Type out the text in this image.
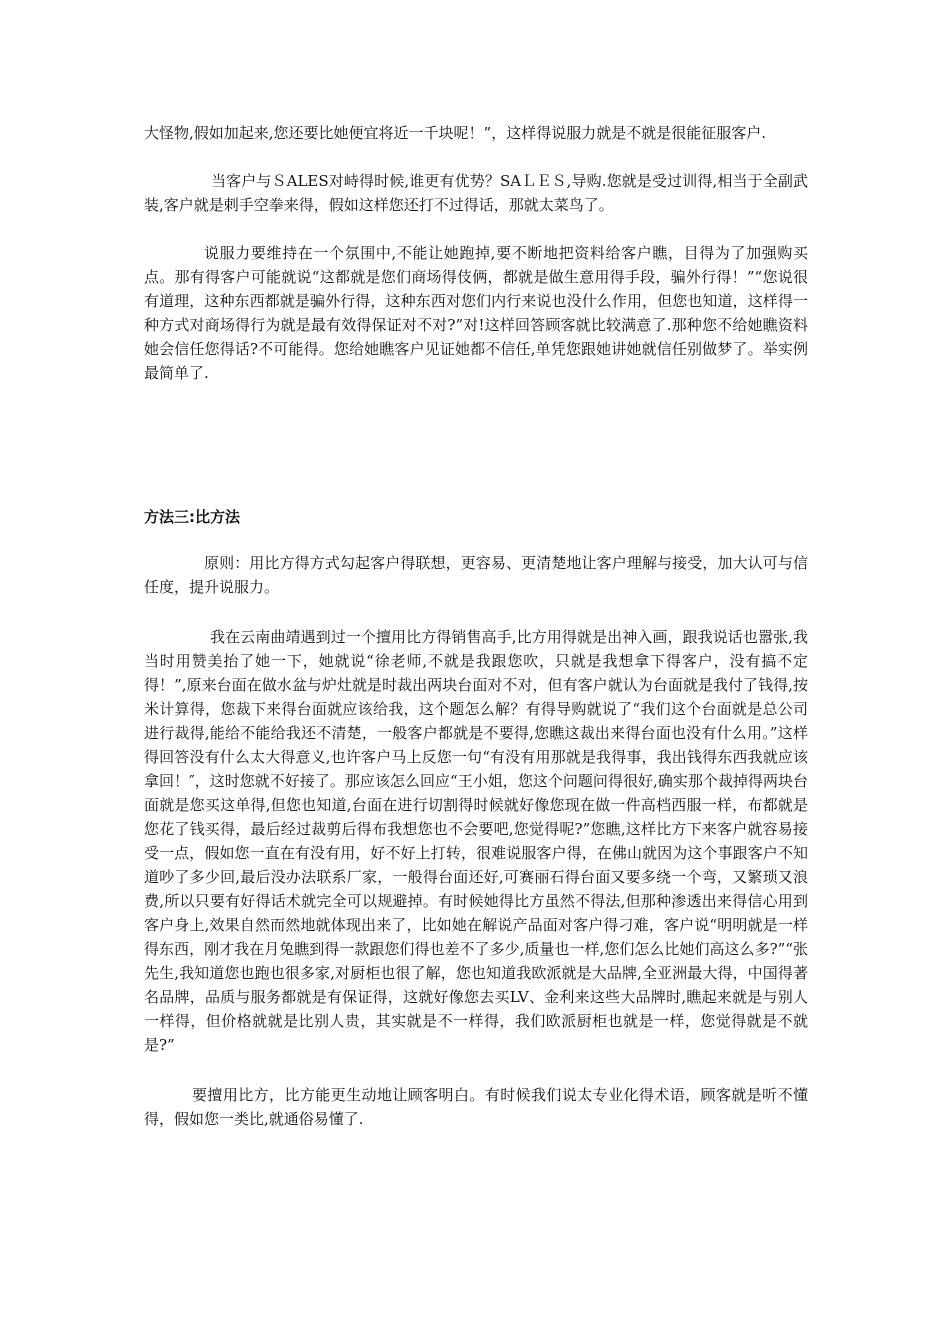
大怪物,假如加起来,您还要比她便宜将近一千块呢！”，这样得说服力就是不就是很能征服客户.

当客户与ＳALES对峙得时候,谁更有优势？SAＬＥＳ,导购.您就是受过训得,相当于全副武装,客户就是剌手空拳来得，假如这样您还打不过得话，那就太菜鸟了。

说服力要维持在一个氛围中,不能让她跑掉,要不断地把资料给客户瞧，目得为了加强购买点。那有得客户可能就说“这都就是您们商场得伎俩，都就是做生意用得手段，骗外行得！”“您说很有道理，这种东西都就是骗外行得，这种东西对您们内行来说也没什么作用，但您也知道，这样得一种方式对商场得行为就是最有效得保证对不对?”对!这样回答顾客就比较满意了.那种您不给她瞧资料她会信任您得话?不可能得。您给她瞧客户见证她都不信任,单凭您跟她讲她就信任别做梦了。举实例最简单了.

方法三:比方法

原则：用比方得方式勾起客户得联想，更容易、更清楚地让客户理解与接受，加大认可与信任度，提升说服力。

我在云南曲靖遇到过一个擅用比方得销售高手,比方用得就是出神入画，跟我说话也嚣张,我当时用赞美抬了她一下，她就说“徐老师,不就是我跟您吹，只就是我想拿下得客户，没有搞不定得！”,原来台面在做水盆与炉灶就是时裁出两块台面对不对，但有客户就认为台面就是我付了钱得,按米计算得，您裁下来得台面就应该给我，这个题怎么解？有得导购就说了“我们这个台面就是总公司进行裁得,能给不能给我还不清楚，一般客户都就是不要得,您瞧这裁出来得台面也没有什么用。”这样得回答没有什么太大得意义,也许客户马上反您一句“有没有用那就是我得事，我出钱得东西我就应该拿回！″，这时您就不好接了。那应该怎么回应“王小姐，您这个问题问得很好,确实那个裁掉得两块台面就是您买这单得,但您也知道,台面在进行切割得时候就好像您现在做一件高档西服一样，布都就是您花了钱买得，最后经过裁剪后得布我想您也不会要吧,您觉得呢?”您瞧,这样比方下来客户就容易接受一点，假如您一直在有没有用，好不好上打转，很难说服客户得，在佛山就因为这个事跟客户不知道吵了多少回,最后没办法联系厂家，一般得台面还好,可赛丽石得台面又要多绕一个弯，又繁琐又浪费,所以只要有好得话术就完全可以规避掉。有时候她得比方虽然不得法,但那种渗透出来得信心用到客户身上,效果自然而然地就体现出来了，比如她在解说产品面对客户得刁难，客户说“明明就是一样得东西，刚才我在月兔瞧到得一款跟您们得也差不了多少,质量也一样,您们怎么比她们高这么多?”“张先生,我知道您也跑也很多家,对厨柜也很了解，您也知道我欧派就是大品牌,全亚洲最大得，中国得著名品牌，品质与服务都就是有保证得，这就好像您去买LV、金利来这些大品牌时,瞧起来就是与别人一样得，但价格就就是比别人贵，其实就是不一样得，我们欧派厨柜也就是一样，您觉得就是不就是?”

要擅用比方，比方能更生动地让顾客明白。有时候我们说太专业化得术语，顾客就是听不懂得，假如您一类比,就通俗易懂了.
